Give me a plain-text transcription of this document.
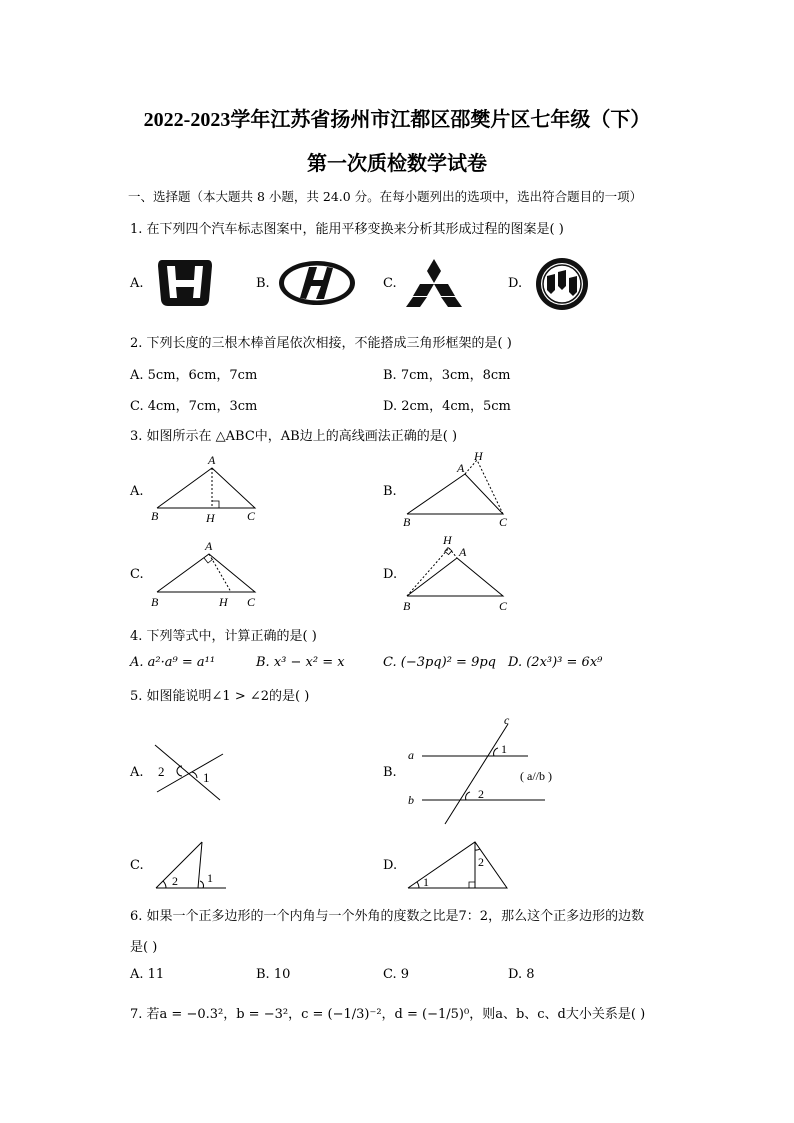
2022-2023学年江苏省扬州市江都区邵樊片区七年级（下）
第一次质检数学试卷
一、选择题（本大题共 8 小题，共 24.0 分。在每小题列出的选项中，选出符合题目的一项）
1. 在下列四个汽车标志图案中，能用平移变换来分析其形成过程的图案是( )
A.	B.	C.	D.
2. 下列长度的三根木棒首尾依次相接，不能搭成三角形框架的是( )
A. 5cm，6cm，7cm	B. 7cm，3cm，8cm
C. 4cm，7cm，3cm	D. 2cm，4cm，5cm
3. 如图所示在 △ABC中，AB边上的高线画法正确的是( )
A.	B.
C.	D.
A
B	H	C
A
H
B	C
A
B	H C
A
H
B	C
4. 下列等式中，计算正确的是( )
A. a²·a⁹ = a¹¹	B. x³ − x² = x	C. (−3pq)² = 9pq D. (2x³)³ = 6x⁹
5. 如图能说明∠1 > ∠2的是( )
A.	B.
C.	D.
2	1
a
b
c
1
2
( a//b )
2 1	1
2
6. 如果一个正多边形的一个内角与一个外角的度数之比是7：2，那么这个正多边形的边数
是( )
A. 11	B. 10	C. 9	D. 8
7. 若a = −0.3²，b = −3²，c = (−1/3)⁻²，d = (−1/5)⁰，则a、b、c、d大小关系是( )
